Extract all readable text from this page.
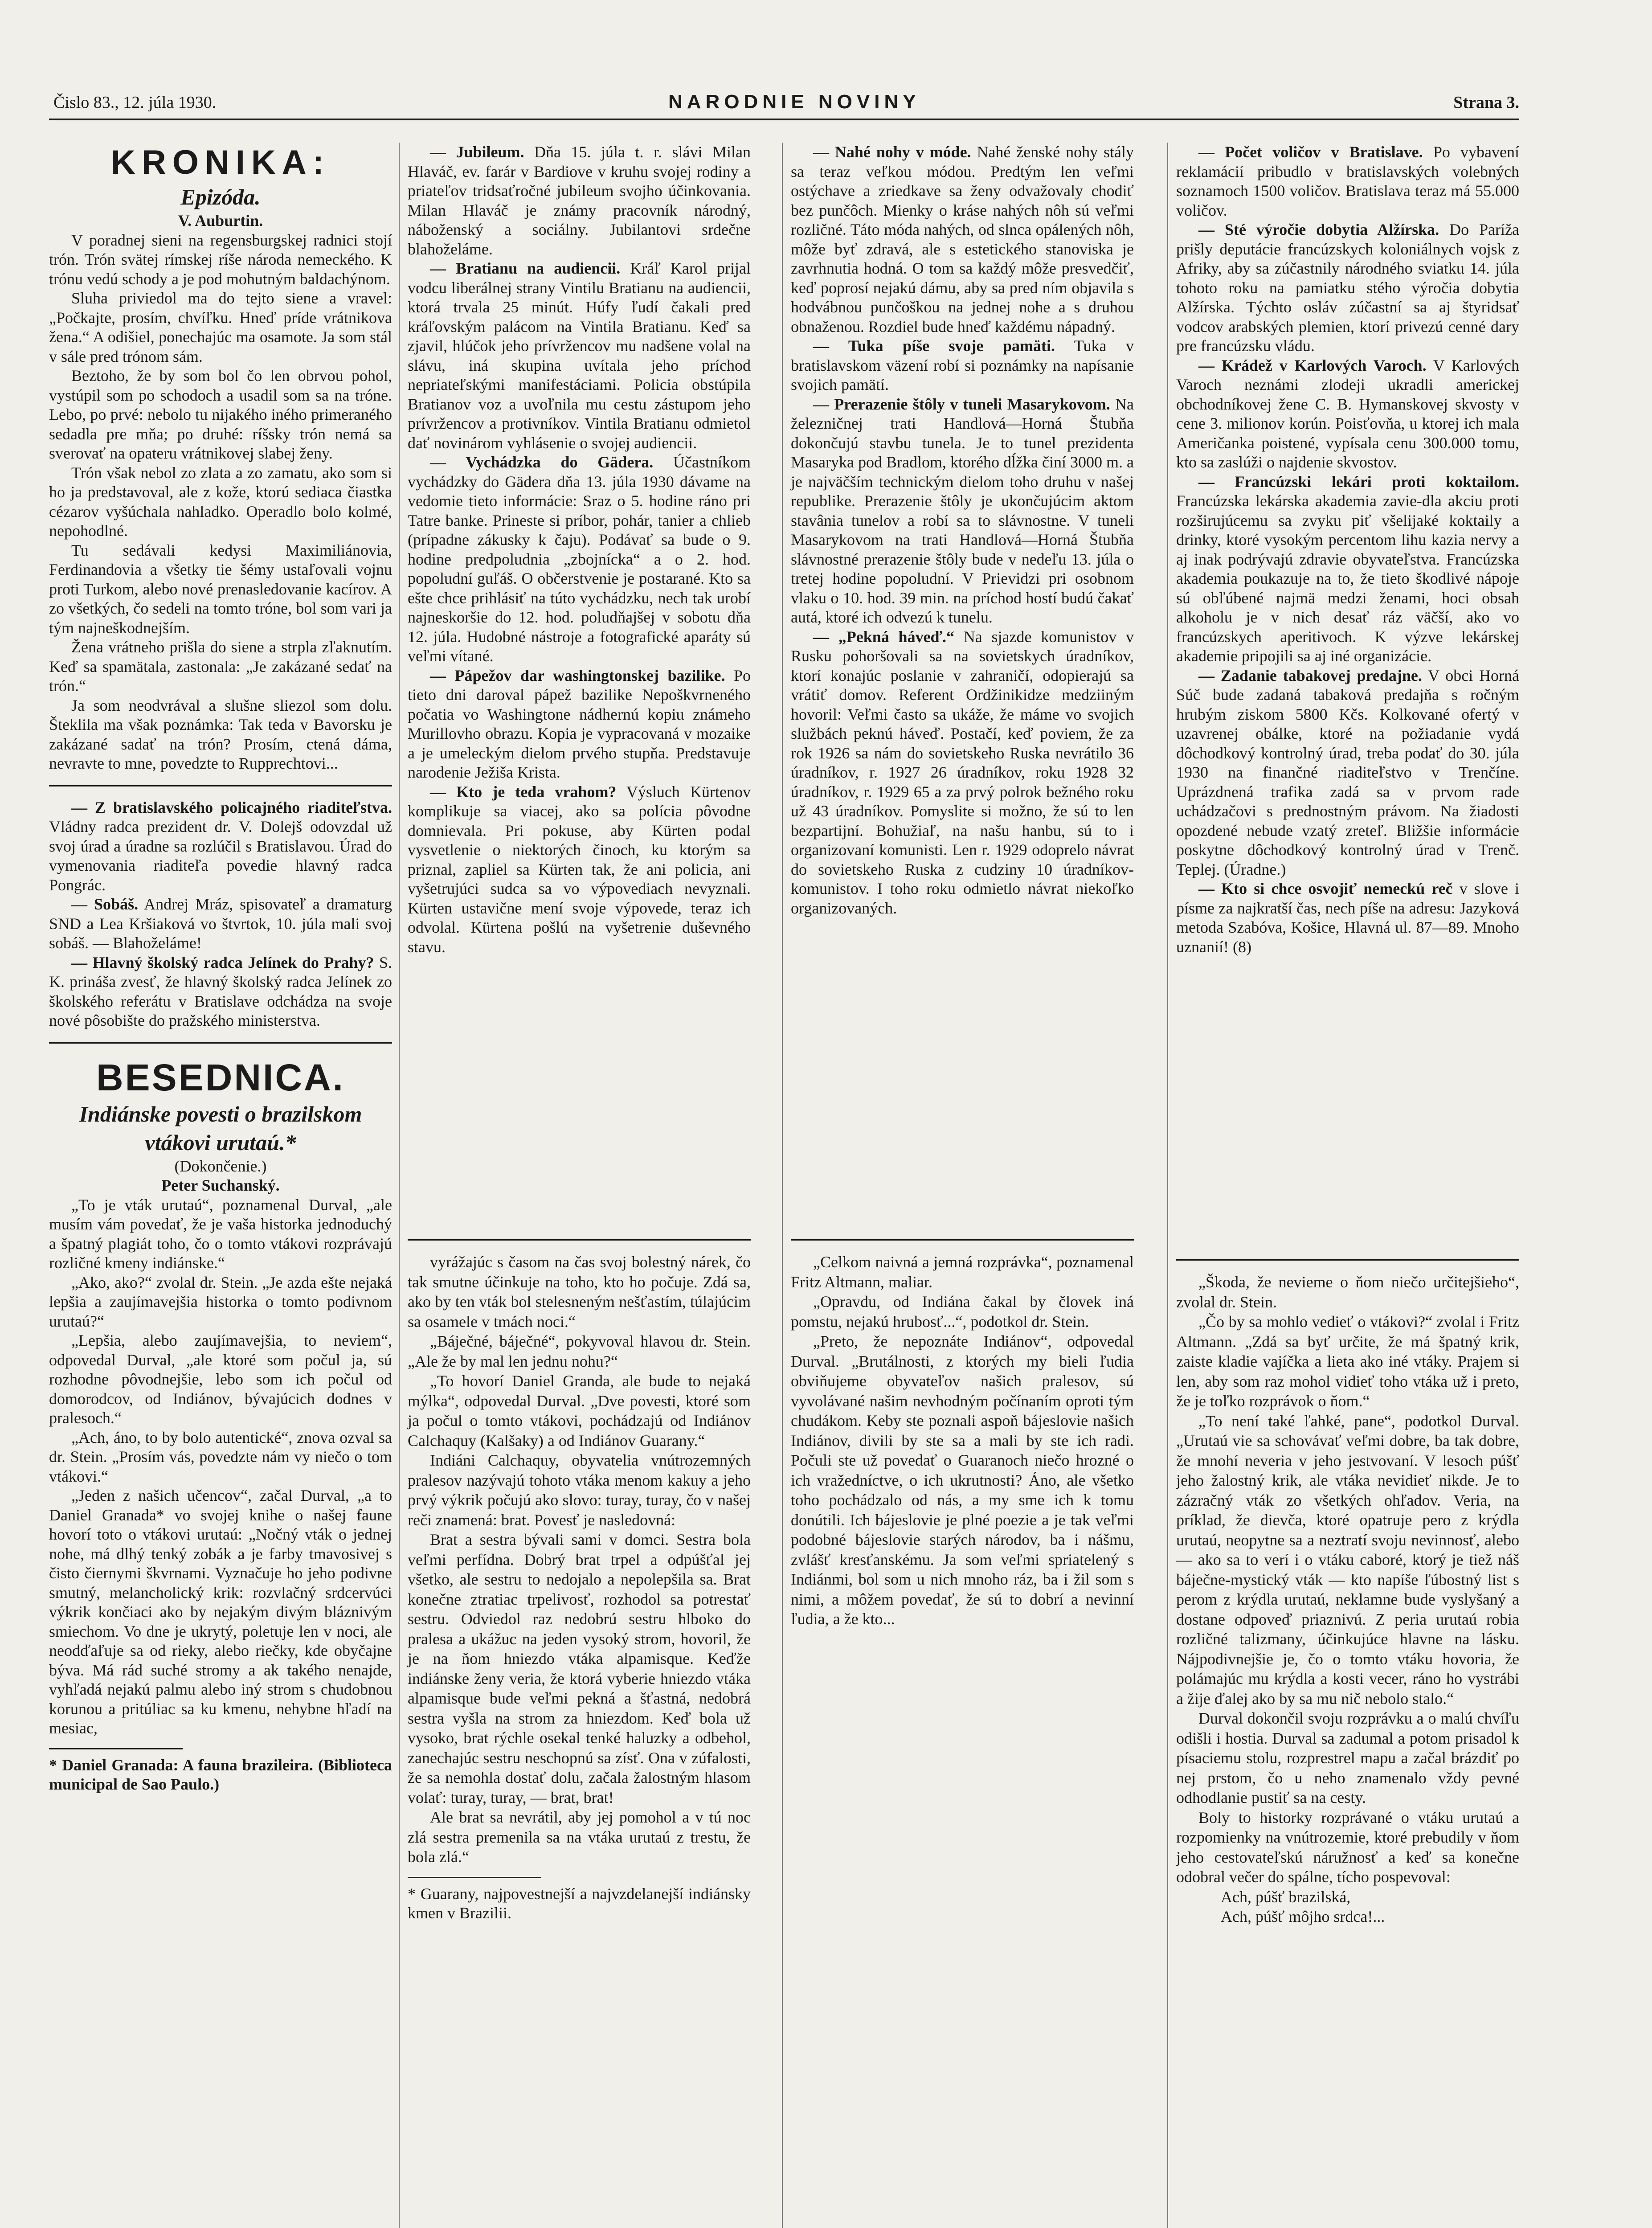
Čislo 83., 12. júla 1930.	NARODNIE NOVINY	Strana 3.
KRONIKA:
Epizóda.

V. Auburtin.

V poradnej sieni na regensburgskej radnici stojí trón. Trón svätej rímskej ríše národa nemeckého. K trónu vedú schody a je pod mohutným baldachýnom.

Sluha priviedol ma do tejto siene a vravel: „Počkajte, prosím, chvíľku. Hneď príde vrátnikova žena.“ A odišiel, ponechajúc ma osamote. Ja som stál v sále pred trónom sám.

Beztoho, že by som bol čo len obrvou pohol, vystúpil som po schodoch a usadil som sa na tróne. Lebo, po prvé: nebolo tu nijakého iného primeraného sedadla pre mňa; po druhé: ríšsky trón nemá sa sverovať na opateru vrátnikovej slabej ženy.

Trón však nebol zo zlata a zo zamatu, ako som si ho ja predstavoval, ale z kože, ktorú sediaca čiastka cézarov vyšúchala nahladko. Operadlo bolo kolmé, nepohodlné.

Tu sedávali kedysi Maximiliánovia, Ferdinandovia a všetky tie šémy ustaľovali vojnu proti Turkom, alebo nové prenasledovanie kacírov. A zo všetkých, čo sedeli na tomto tróne, bol som vari ja tým najneškodnejším.

Žena vrátneho prišla do siene a strpla zľaknutím. Keď sa spamätala, zastonala: „Je zakázané sedať na trón.“

Ja som neodvrával a slušne sliezol som dolu. Šteklila ma však poznámka: Tak teda v Bavorsku je zakázané sadať na trón? Prosím, ctená dáma, nevravte to mne, povedzte to Rupprechtovi...

— Z bratislavského policajného riaditeľstva. Vládny radca prezident dr. V. Dolejš odovzdal už svoj úrad a úradne sa rozlúčil s Bratislavou. Úrad do vymenovania riaditeľa povedie hlavný radca Pongrác.

— Sobáš. Andrej Mráz, spisovateľ a dramaturg SND a Lea Kršiaková vo štvrtok, 10. júla mali svoj sobáš. — Blahoželáme!

— Hlavný školský radca Jelínek do Prahy? S. K. prináša zvesť, že hlavný školský radca Jelínek zo školského referátu v Bratislave odchádza na svoje nové pôsobište do pražského ministerstva.

BESEDNICA.
Indiánske povesti o brazilskom vtákovi urutaú.*

(Dokončenie.)

Peter Suchanský.

„To je vták urutaú“, poznamenal Durval, „ale musím vám povedať, že je vaša historka jednoduchý a špatný plagiát toho, čo o tomto vtákovi rozprávajú rozličné kmeny indiánske.“

„Ako, ako?“ zvolal dr. Stein. „Je azda ešte nejaká lepšia a zaujímavejšia historka o tomto podivnom urutaú?“

„Lepšia, alebo zaujímavejšia, to neviem“, odpovedal Durval, „ale ktoré som počul ja, sú rozhodne pôvodnejšie, lebo som ich počul od domorodcov, od Indiánov, bývajúcich dodnes v pralesoch.“

„Ach, áno, to by bolo autentické“, znova ozval sa dr. Stein. „Prosím vás, povedzte nám vy niečo o tom vtákovi.“

„Jeden z našich učencov“, začal Durval, „a to Daniel Granada* vo svojej knihe o našej faune hovorí toto o vtákovi urutaú: „Nočný vták o jednej nohe, má dlhý tenký zobák a je farby tmavosivej s čisto čiernymi škvrnami. Vyznačuje ho jeho podivne smutný, melancholický krik: rozvlačný srdcervúci výkrik končiaci ako by nejakým divým bláznivým smiechom. Vo dne je ukrytý, poletuje len v noci, ale neodďaľuje sa od rieky, alebo riečky, kde obyčajne býva. Má rád suché stromy a ak takého nenajde, vyhľadá nejakú palmu alebo iný strom s chudobnou korunou a pritúliac sa ku kmenu, nehybne hľadí na mesiac,

* Daniel Granada: A fauna brazileira. (Biblioteca municipal de Sao Paulo.)

— Jubileum. Dňa 15. júla t. r. slávi Milan Hlaváč, ev. farár v Bardiove v kruhu svojej rodiny a priateľov tridsaťročné jubileum svojho účinkovania. Milan Hlaváč je známy pracovník národný, náboženský a sociálny. Jubilantovi srdečne blahoželáme.

— Bratianu na audiencii. Kráľ Karol prijal vodcu liberálnej strany Vintilu Bratianu na audiencii, ktorá trvala 25 minút. Húfy ľudí čakali pred kráľovským palácom na Vintila Bratianu. Keď sa zjavil, hlúčok jeho prívržencov mu nadšene volal na slávu, iná skupina uvítala jeho príchod nepriateľskými manifestáciami. Policia obstúpila Bratianov voz a uvoľnila mu cestu zástupom jeho prívržencov a protivníkov. Vintila Bratianu odmietol dať novinárom vyhlásenie o svojej audiencii.

— Vychádzka do Gädera. Účastníkom vychádzky do Gädera dňa 13. júla 1930 dávame na vedomie tieto informácie: Sraz o 5. hodine ráno pri Tatre banke. Prineste si príbor, pohár, tanier a chlieb (prípadne zákusky k čaju). Podávať sa bude o 9. hodine predpoludnia „zbojnícka“ a o 2. hod. popoludní guľáš. O občerstvenie je postarané. Kto sa ešte chce prihlásiť na túto vychádzku, nech tak urobí najneskoršie do 12. hod. poludňajšej v sobotu dňa 12. júla. Hudobné nástroje a fotografické aparáty sú veľmi vítané.

— Pápežov dar washingtonskej bazilike. Po tieto dni daroval pápež bazilike Nepoškvrneného počatia vo Washingtone nádhernú kopiu známeho Murillovho obrazu. Kopia je vypracovaná v mozaike a je umeleckým dielom prvého stupňa. Predstavuje narodenie Ježiša Krista.

— Kto je teda vrahom? Výsluch Kürtenov komplikuje sa viacej, ako sa polícia pôvodne domnievala. Pri pokuse, aby Kürten podal vysvetlenie o niektorých činoch, ku ktorým sa priznal, zapliel sa Kürten tak, že ani policia, ani vyšetrujúci sudca sa vo výpovediach nevyznali. Kürten ustavične mení svoje výpovede, teraz ich odvolal. Kürtena pošlú na vyšetrenie duševného stavu.

vyrážajúc s časom na čas svoj bolestný nárek, čo tak smutne účinkuje na toho, kto ho počuje. Zdá sa, ako by ten vták bol stelesneným nešťastím, túlajúcim sa osamele v tmách noci.“

„Báječné, báječné“, pokyvoval hlavou dr. Stein. „Ale že by mal len jednu nohu?“

„To hovorí Daniel Granda, ale bude to nejaká mýlka“, odpovedal Durval. „Dve povesti, ktoré som ja počul o tomto vtákovi, pochádzajú od Indiánov Calchaquy (Kalšaky) a od Indiánov Guarany.“

Indiáni Calchaquy, obyvatelia vnútrozemných pralesov nazývajú tohoto vtáka menom kakuy a jeho prvý výkrik počujú ako slovo: turay, turay, čo v našej reči znamená: brat. Povesť je nasledovná:

Brat a sestra bývali sami v domci. Sestra bola veľmi perfídna. Dobrý brat trpel a odpúšťal jej všetko, ale sestru to nedojalo a nepolepšila sa. Brat konečne ztratiac trpelivosť, rozhodol sa potrestať sestru. Odviedol raz nedobrú sestru hlboko do pralesa a ukážuc na jeden vysoký strom, hovoril, že je na ňom hniezdo vtáka alpamisque. Keďže indiánske ženy veria, že ktorá vyberie hniezdo vtáka alpamisque bude veľmi pekná a šťastná, nedobrá sestra vyšla na strom za hniezdom. Keď bola už vysoko, brat rýchle osekal tenké haluzky a odbehol, zanechajúc sestru neschopnú sa zísť. Ona v zúfalosti, že sa nemohla dostať dolu, začala žalostným hlasom volať: turay, turay, — brat, brat!

Ale brat sa nevrátil, aby jej pomohol a v tú noc zlá sestra premenila sa na vtáka urutaú z trestu, že bola zlá.“

* Guarany, najpovestnejší a najvzdelanejší indiánsky kmen v Brazilii.

— Nahé nohy v móde. Nahé ženské nohy stály sa teraz veľkou módou. Predtým len veľmi ostýchave a zriedkave sa ženy odvažovaly chodiť bez punčôch. Mienky o kráse nahých nôh sú veľmi rozličné. Táto móda nahých, od slnca opálených nôh, môže byť zdravá, ale s estetického stanoviska je zavrhnutia hodná. O tom sa každý môže presvedčiť, keď poprosí nejakú dámu, aby sa pred ním objavila s hodvábnou punčoškou na jednej nohe a s druhou obnaženou. Rozdiel bude hneď každému nápadný.

— Tuka píše svoje pamäti. Tuka v bratislavskom väzení robí si poznámky na napísanie svojich pamätí.

— Prerazenie štôly v tuneli Masarykovom. Na železničnej trati Handlová—Horná Štubňa dokončujú stavbu tunela. Je to tunel prezidenta Masaryka pod Bradlom, ktorého dĺžka činí 3000 m. a je najväčším technickým dielom toho druhu v našej republike. Prerazenie štôly je ukončujúcim aktom stavânia tunelov a robí sa to slávnostne. V tuneli Masarykovom na trati Handlová—Horná Štubňa slávnostné prerazenie štôly bude v nedeľu 13. júla o tretej hodine popoludní. V Prievidzi pri osobnom vlaku o 10. hod. 39 min. na príchod hostí budú čakať autá, ktoré ich odvezú k tunelu.

— „Pekná háveď.“ Na sjazde komunistov v Rusku pohoršovali sa na sovietskych úradníkov, ktorí konajúc poslanie v zahraničí, odopierajú sa vrátiť domov. Referent Ordžinikidze medziiným hovoril: Veľmi často sa ukáže, že máme vo svojich službách peknú háveď. Postačí, keď poviem, že za rok 1926 sa nám do sovietskeho Ruska nevrátilo 36 úradníkov, r. 1927 26 úradníkov, roku 1928 32 úradníkov, r. 1929 65 a za prvý polrok bežného roku už 43 úradníkov. Pomyslite si možno, že sú to len bezpartijní. Bohužiaľ, na našu hanbu, sú to i organizovaní komunisti. Len r. 1929 odoprelo návrat do sovietskeho Ruska z cudziny 10 úradníkov-komunistov. I toho roku odmietlo návrat niekoľko organizovaných.

„Celkom naivná a jemná rozprávka“, poznamenal Fritz Altmann, maliar.

„Opravdu, od Indiána čakal by človek iná pomstu, nejakú hrubosť...“, podotkol dr. Stein.

„Preto, že nepoznáte Indiánov“, odpovedal Durval. „Brutálnosti, z ktorých my bieli ľudia obviňujeme obyvateľov našich pralesov, sú vyvolávané našim nevhodným počínaním oproti tým chudákom. Keby ste poznali aspoň bájeslovie našich Indiánov, divili by ste sa a mali by ste ich radi. Počuli ste už povedať o Guaranoch niečo hrozné o ich vražedníctve, o ich ukrutnosti? Áno, ale všetko toho pochádzalo od nás, a my sme ich k tomu donútili. Ich bájeslovie je plné poezie a je tak veľmi podobné bájeslovie starých národov, ba i nášmu, zvlášť kresťanskému. Ja som veľmi spriatelený s Indiánmi, bol som u nich mnoho ráz, ba i žil som s nimi, a môžem povedať, že sú to dobrí a nevinní ľudia, a že kto...

— Počet voličov v Bratislave. Po vybavení reklamácií pribudlo v bratislavských volebných soznamoch 1500 voličov. Bratislava teraz má 55.000 voličov.

— Sté výročie dobytia Alžírska. Do Paríža prišly deputácie francúzskych koloniálnych vojsk z Afriky, aby sa zúčastnily národného sviatku 14. júla tohoto roku na pamiatku stého výročia dobytia Alžírska. Týchto osláv zúčastní sa aj štyridsať vodcov arabských plemien, ktorí privezú cenné dary pre francúzsku vládu.

— Krádež v Karlových Varoch. V Karlových Varoch neznámi zlodeji ukradli americkej obchodníkovej žene C. B. Hymanskovej skvosty v cene 3. milionov korún. Poisťovňa, u ktorej ich mala Američanka poistené, vypísala cenu 300.000 tomu, kto sa zaslúži o najdenie skvostov.

— Francúzski lekári proti koktailom. Francúzska lekárska akademia zavie-dla akciu proti rozširujúcemu sa zvyku piť všelijaké koktaily a drinky, ktoré vysokým percentom lihu kazia nervy a aj inak podrývajú zdravie obyvateľstva. Francúzska akademia poukazuje na to, že tieto škodlivé nápoje sú obľúbené najmä medzi ženami, hoci obsah alkoholu je v nich desať ráz väčší, ako vo francúzskych aperitivoch. K výzve lekárskej akademie pripojili sa aj iné organizácie.

— Zadanie tabakovej predajne. V obci Horná Súč bude zadaná tabaková predajňa s ročným hrubým ziskom 5800 Kčs. Kolkované ofertý v uzavrenej obálke, ktoré na požiadanie vydá dôchodkový kontrolný úrad, treba podať do 30. júla 1930 na finančné riaditeľstvo v Trenčíne. Uprázdnená trafika zadá sa v prvom rade uchádzačovi s prednostným právom. Na žiadosti opozdené nebude vzatý zreteľ. Bližšie informácie poskytne dôchodkový kontrolný úrad v Trenč. Teplej. (Úradne.)

— Kto si chce osvojiť nemeckú reč v slove i písme za najkratší čas, nech píše na adresu: Jazyková metoda Szabóva, Košice, Hlavná ul. 87—89. Mnoho uznanií! (8)

„Škoda, že nevieme o ňom niečo určitejšieho“, zvolal dr. Stein.

„Čo by sa mohlo vedieť o vtákovi?“ zvolal i Fritz Altmann. „Zdá sa byť určite, že má špatný krik, zaiste kladie vajíčka a lieta ako iné vtáky. Prajem si len, aby som raz mohol vidieť toho vtáka už i preto, že je toľko rozprávok o ňom.“

„To není také ľahké, pane“, podotkol Durval. „Urutaú vie sa schovávať veľmi dobre, ba tak dobre, že mnohí neveria v jeho jestvovaní. V lesoch púšť jeho žalostný krik, ale vtáka nevidieť nikde. Je to zázračný vták zo všetkých ohľadov. Veria, na príklad, že dievča, ktoré opatruje pero z krýdla urutaú, neopytne sa a neztratí svoju nevinnosť, alebo — ako sa to verí i o vtáku caboré, ktorý je tiež náš báječne-mystický vták — kto napíše ľúbostný list s perom z krýdla urutaú, neklamne bude vyslyšaný a dostane odpoveď priaznivú. Z peria urutaú robia rozličné talizmany, účinkujúce hlavne na lásku. Nájpodivnejšie je, čo o tomto vtáku hovoria, že polámajúc mu krýdla a kosti vecer, ráno ho vystrábi a žije ďalej ako by sa mu nič nebolo stalo.“

Durval dokončil svoju rozprávku a o malú chvíľu odišli i hostia. Durval sa zadumal a potom prisadol k písaciemu stolu, rozprestrel mapu a začal brázdiť po nej prstom, čo u neho znamenalo vždy pevné odhodlanie pustiť sa na cesty.

Boly to historky rozprávané o vtáku urutaú a rozpomienky na vnútrozemie, ktoré prebudily v ňom jeho cestovateľskú náružnosť a keď sa konečne odobral večer do spálne, tícho pospevoval:

Ach, púšť brazilská,

Ach, púšť môjho srdca!...
